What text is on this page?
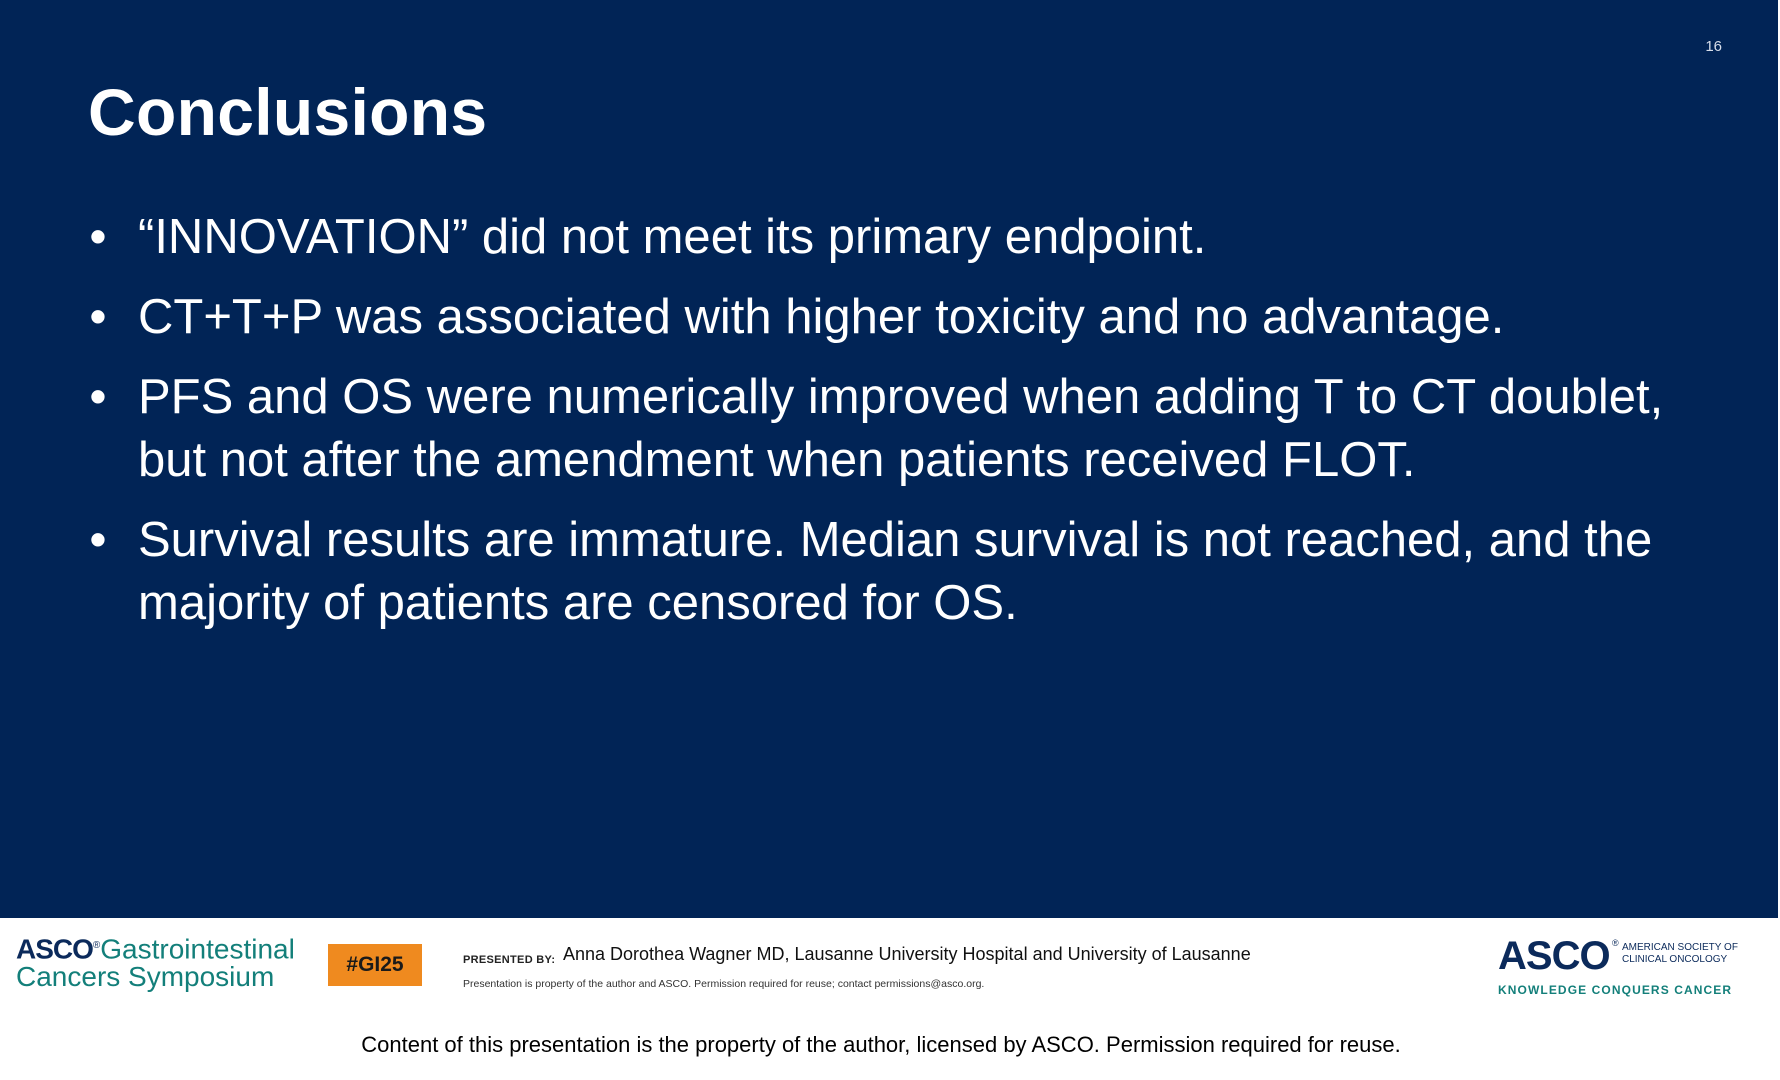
16
Conclusions
• “INNOVATION” did not meet its primary endpoint.
• CT+T+P was associated with higher toxicity and no advantage.
• PFS and OS were numerically improved when adding T to CT doublet, but not after the amendment when patients received FLOT.
• Survival results are immature. Median survival is not reached, and the majority of patients are censored for OS.
ASCO®Gastrointestinal
Cancers Symposium	#GI25	PRESENTED BY: Anna Dorothea Wagner MD, Lausanne University Hospital and University of Lausanne
Presentation is property of the author and ASCO. Permission required for reuse; contact permissions@asco.org.
ASCO ® AMERICAN SOCIETY OF
CLINICAL ONCOLOGY
KNOWLEDGE CONQUERS CANCER
Content of this presentation is the property of the author, licensed by ASCO. Permission required for reuse.
